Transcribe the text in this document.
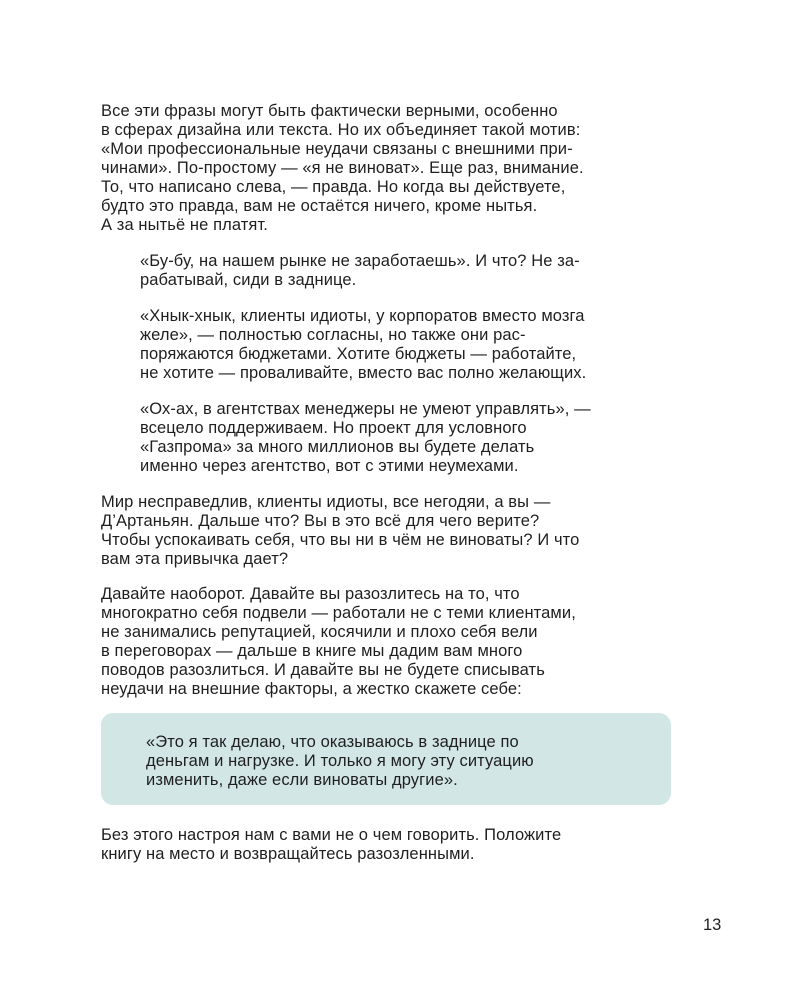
Все эти фразы могут быть фактически верными, особенно
в сферах дизайна или текста. Но их объединяет такой мотив:
«Мои профессиональные неудачи связаны с внешними при-
чинами». По-простому — «я не виноват». Еще раз, внимание.
То, что написано слева, — правда. Но когда вы действуете,
будто это правда, вам не остаётся ничего, кроме нытья.
А за нытьё не платят.
«Бу-бу, на нашем рынке не заработаешь». И что? Не за-
рабатывай, сиди в заднице.
«Хнык-хнык, клиенты идиоты, у корпоратов вместо мозга
желе», — полностью согласны, но также они рас-
поряжаются бюджетами. Хотите бюджеты — работайте,
не хотите — проваливайте, вместо вас полно желающих.
«Ох-ах, в агентствах менеджеры не умеют управлять», —
всецело поддерживаем. Но проект для условного
«Газпрома» за много миллионов вы будете делать
именно через агентство, вот с этими неумехами.
Мир несправедлив, клиенты идиоты, все негодяи, а вы —
Д’Артаньян. Дальше что? Вы в это всё для чего верите?
Чтобы успокаивать себя, что вы ни в чём не виноваты? И что
вам эта привычка дает?
Давайте наоборот. Давайте вы разозлитесь на то, что
многократно себя подвели — работали не с теми клиентами,
не занимались репутацией, косячили и плохо себя вели
в переговорах — дальше в книге мы дадим вам много
поводов разозлиться. И давайте вы не будете списывать
неудачи на внешние факторы, а жестко скажете себе:
«Это я так делаю, что оказываюсь в заднице по
деньгам и нагрузке. И только я могу эту ситуацию
изменить, даже если виноваты другие».
Без этого настроя нам с вами не о чем говорить. Положите
книгу на место и возвращайтесь разозленными.
13
